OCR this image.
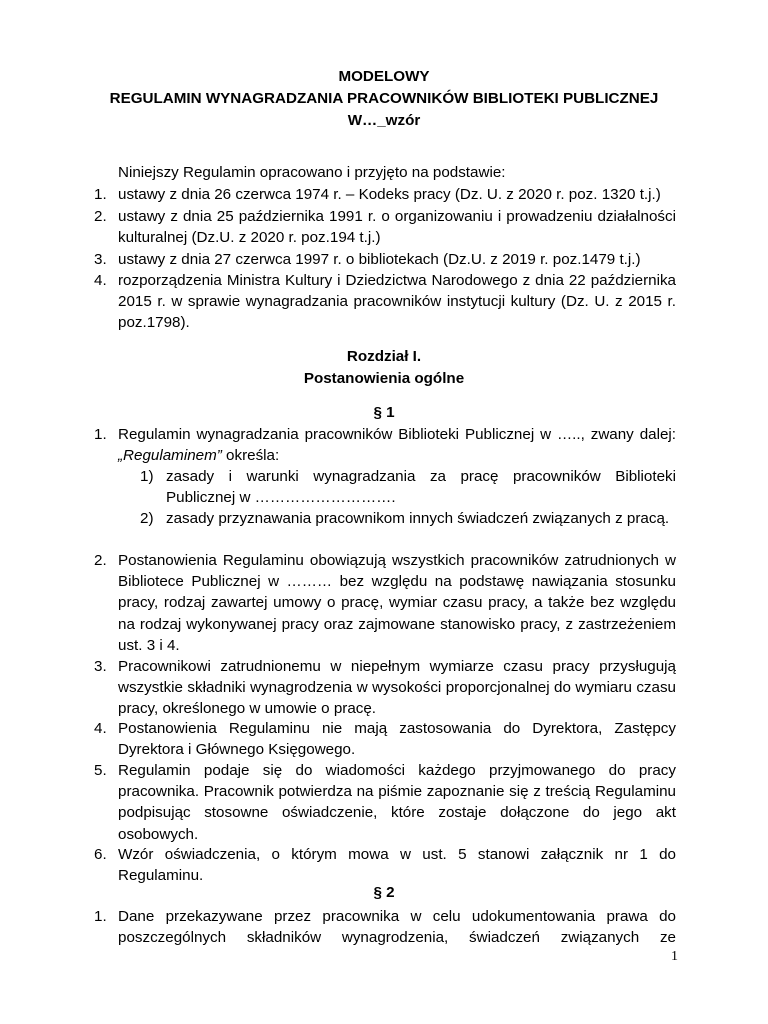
MODELOWY
REGULAMIN WYNAGRADZANIA PRACOWNIKÓW BIBLIOTEKI PUBLICZNEJ
W…_wzór
Niniejszy Regulamin opracowano i przyjęto na podstawie:
1. ustawy z dnia 26 czerwca 1974 r. – Kodeks pracy (Dz. U. z 2020 r. poz. 1320 t.j.)
2. ustawy z dnia 25 października 1991 r. o organizowaniu i prowadzeniu działalności kulturalnej (Dz.U. z 2020 r. poz.194 t.j.)
3. ustawy z dnia 27 czerwca 1997 r. o bibliotekach (Dz.U. z 2019 r. poz.1479 t.j.)
4. rozporządzenia Ministra Kultury i Dziedzictwa Narodowego z dnia 22 października 2015 r. w sprawie wynagradzania pracowników instytucji kultury (Dz. U. z 2015 r. poz.1798).
Rozdział I.
Postanowienia ogólne
§ 1
1. Regulamin wynagradzania pracowników Biblioteki Publicznej w ….., zwany dalej: „Regulaminem” określa:
1) zasady i warunki wynagradzania za pracę pracowników Biblioteki Publicznej w ……………………….
2) zasady przyznawania pracownikom innych świadczeń związanych z pracą.
2. Postanowienia Regulaminu obowiązują wszystkich pracowników zatrudnionych w Bibliotece Publicznej w ……… bez względu na podstawę nawiązania stosunku pracy, rodzaj zawartej umowy o pracę, wymiar czasu pracy, a także bez względu na rodzaj wykonywanej pracy oraz zajmowane stanowisko pracy, z zastrzeżeniem ust. 3 i 4.
3. Pracownikowi zatrudnionemu w niepełnym wymiarze czasu pracy przysługują wszystkie składniki wynagrodzenia w wysokości proporcjonalnej do wymiaru czasu pracy, określonego w umowie o pracę.
4. Postanowienia Regulaminu nie mają zastosowania do Dyrektora, Zastępcy Dyrektora i Głównego Księgowego.
5. Regulamin podaje się do wiadomości każdego przyjmowanego do pracy pracownika. Pracownik potwierdza na piśmie zapoznanie się z treścią Regulaminu podpisując stosowne oświadczenie, które zostaje dołączone do jego akt osobowych.
6. Wzór oświadczenia, o którym mowa w ust. 5 stanowi załącznik nr 1 do Regulaminu.
§ 2
1. Dane przekazywane przez pracownika w celu udokumentowania prawa do poszczególnych składników wynagrodzenia, świadczeń związanych ze
1
